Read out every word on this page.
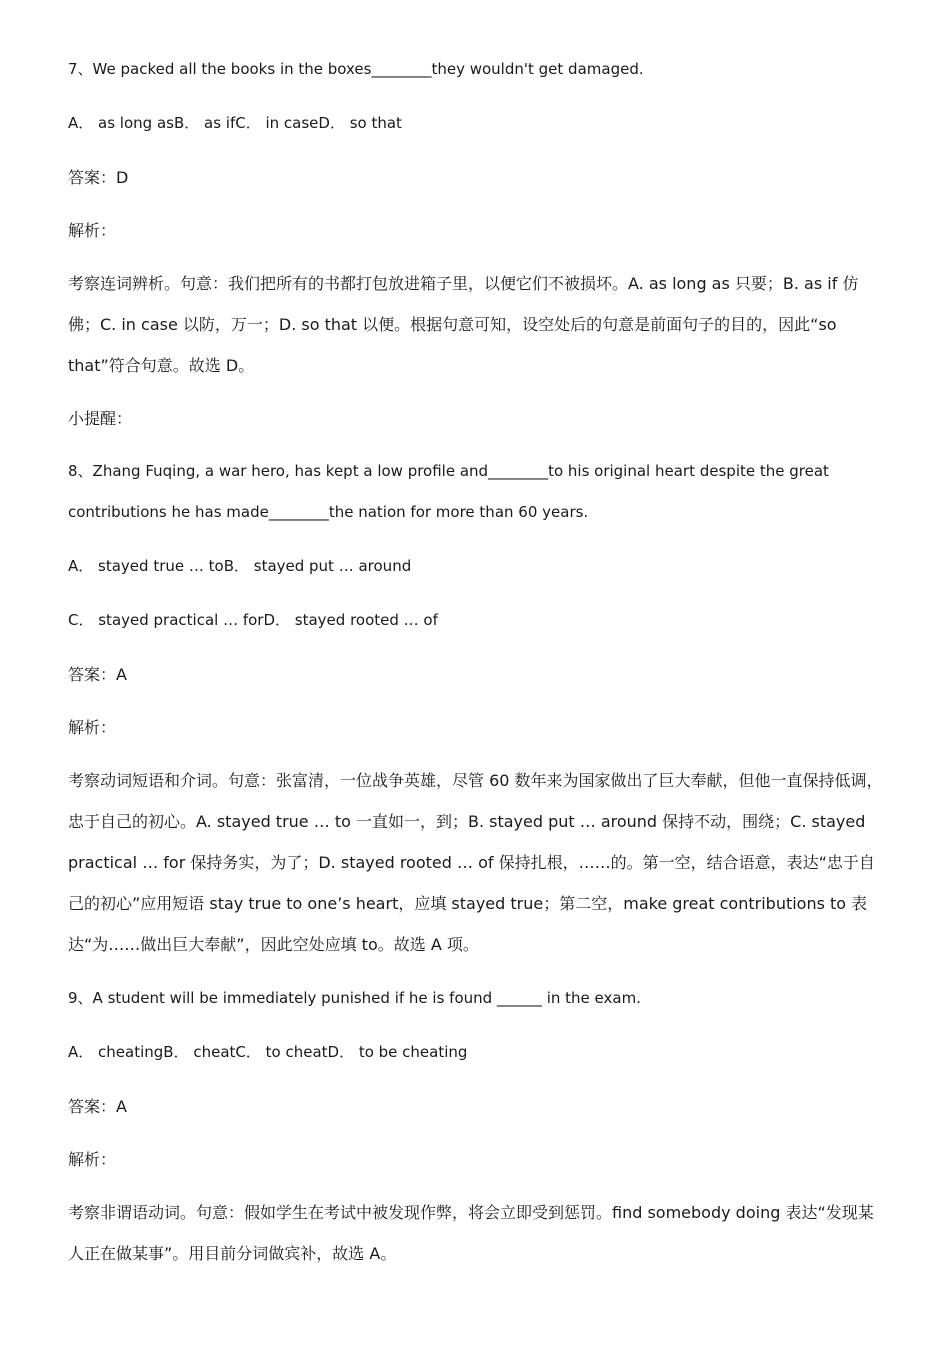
7、We packed all the books in the boxes________they wouldn't get damaged.
A． as long asB． as ifC． in caseD． so that
答案：D
解析：
考察连词辨析。句意：我们把所有的书都打包放进箱子里，以便它们不被损坏。A. as long as 只要；B. as if 仿佛；C. in case 以防，万一；D. so that 以便。根据句意可知，设空处后的句意是前面句子的目的，因此“so that”符合句意。故选 D。
小提醒：
8、Zhang Fuqing, a war hero, has kept a low profile and________to his original heart despite the great contributions he has made________the nation for more than 60 years.
A． stayed true … toB． stayed put … around
C． stayed practical … forD． stayed rooted … of
答案：A
解析：
考察动词短语和介词。句意：张富清，一位战争英雄，尽管 60 数年来为国家做出了巨大奉献，但他一直保持低调，忠于自己的初心。A. stayed true … to 一直如一，到；B. stayed put … around 保持不动，围绕；C. stayed practical … for 保持务实，为了；D. stayed rooted … of 保持扎根，……的。第一空，结合语意，表达“忠于自己的初心”应用短语 stay true to one’s heart，应填 stayed true；第二空，make great contributions to 表达“为……做出巨大奉献”，因此空处应填 to。故选 A 项。
9、A student will be immediately punished if he is found ______ in the exam.
A． cheatingB． cheatC． to cheatD． to be cheating
答案：A
解析：
考察非谓语动词。句意：假如学生在考试中被发现作弊，将会立即受到惩罚。find somebody doing 表达“发现某人正在做某事”。用目前分词做宾补，故选 A。
